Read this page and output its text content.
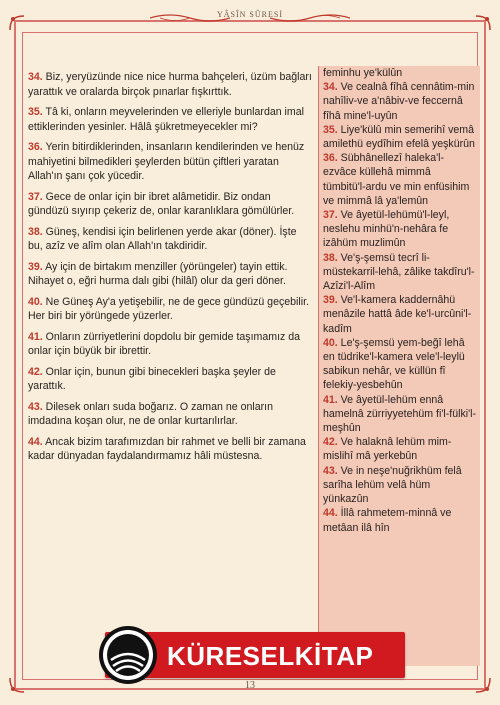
YÂSÎN SÛRESİ
34. Biz, yeryüzünde nice nice hurma bahçeleri, üzüm bağları yarattık ve oralarda birçok pınarlar fışkırttık.
35. Tâ ki, onların meyvelerinden ve elleriyle bunlardan imal ettiklerinden yesinler. Hâlâ şükretmeyecekler mi?
36. Yerin bitirdiklerinden, insanların kendilerinden ve henüz mahiyetini bilmedikleri şeylerden bütün çiftleri yaratan Allah'ın şanı çok yücedir.
37. Gece de onlar için bir ibret alâmetidir. Biz ondan gündüzü sıyırıp çekeriz de, onlar karanlıklara gömülürler.
38. Güneş, kendisi için belirlenen yerde akar (döner). İşte bu, azîz ve alîm olan Allah'ın takdiridir.
39. Ay için de birtakım menziller (yörüngeler) tayin ettik. Nihayet o, eğri hurma dalı gibi (hilâl) olur da geri döner.
40. Ne Güneş Ay'a yetişebilir, ne de gece gündüzü geçebilir. Her biri bir yörüngede yüzerler.
41. Onların zürriyetlerini dopdolu bir gemide taşımamız da onlar için büyük bir ibrettir.
42. Onlar için, bunun gibi binecekleri başka şeyler de yarattık.
43. Dilesek onları suda boğarız. O zaman ne onların imdadına koşan olur, ne de onlar kurtarılırlar.
44. Ancak bizim tarafımızdan bir rahmet ve belli bir zamana kadar dünyadan faydalandırmamız hâli müstesna.
feminhu ye'külûn
34. Ve cealnâ fîhâ cennâtim-min nahîliv-ve a'nâbiv-ve feccernâ fîhâ mine'l-uyûn
35. Liye'külû min semerihî vemâ amilethü eydîhim efelâ yeşkürûn
36. Sübhânellezî haleka'l-ezvâce küllehâ mimmâ tümbitü'l-ardu ve min enfüsihim ve mimmâ lâ ya'lemûn
37. Ve âyetül-lehümü'l-leyl, neslehu minhü'n-nehâra fe izâhüm muzlimûn
38. Ve'ş-şemsü tecrî li-müstekarril-lehâ, zâlike takdîru'l-Azîzi'l-Alîm
39. Ve'l-kamera kaddernâhü menâzile hattâ âde ke'l-urcûni'l-kadîm
40. Le'ş-şemsü yem-beğî lehâ en tüdrike'l-kamera vele'l-leylü sabikun nehâr, ve küllün fî felekiy-yesbehûn
41. Ve âyetül-lehüm ennâ hamelnâ zürriyyetehüm fi'l-fülki'l-meşhûn
42. Ve halaknâ lehüm mim-mislihî mâ yerkebûn
43. Ve in neşe'nuğrikhüm felâ sarîha lehüm velâ hüm yünkazûn
44. İllâ rahmetem-minnâ ve metâan ilâ hîn
KÜRESELKİTAP
13
